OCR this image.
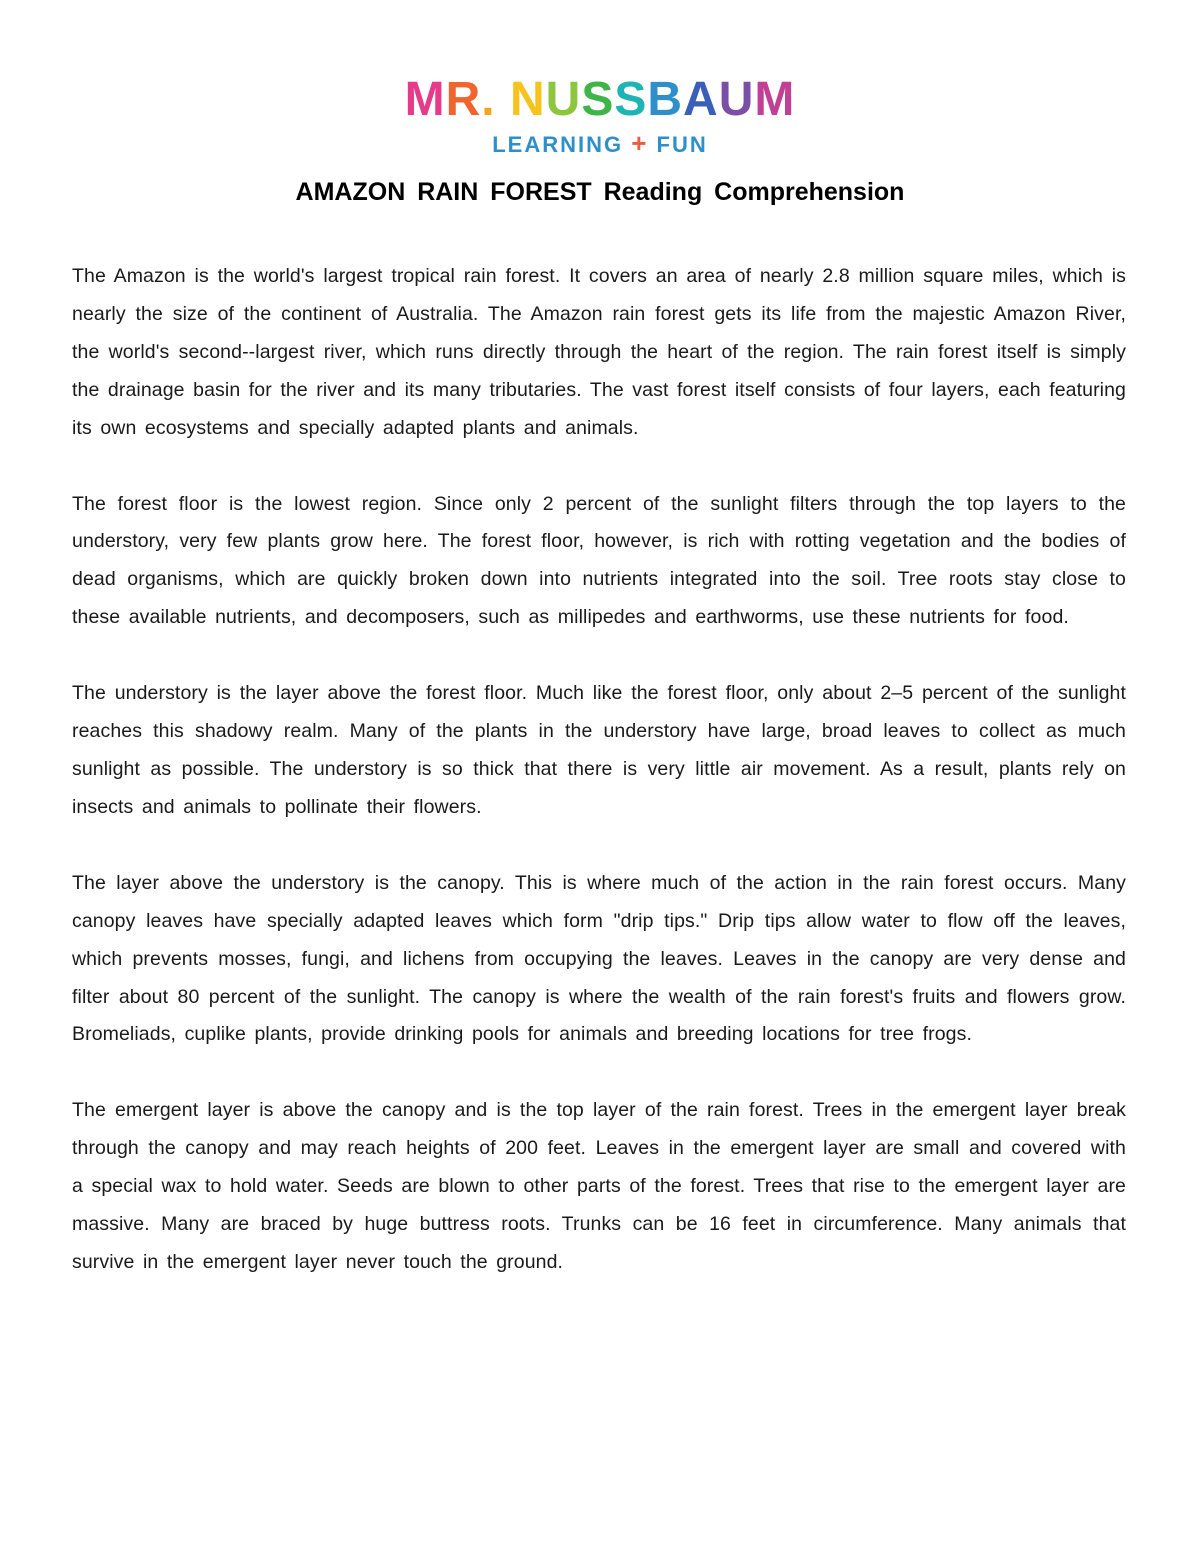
MR. NUSSBAUM
LEARNING + FUN
AMAZON RAIN FOREST Reading Comprehension

The Amazon is the world's largest tropical rain forest. It covers an area of nearly 2.8 million square miles, which is nearly the size of the continent of Australia. The Amazon rain forest gets its life from the majestic Amazon River, the world's second--largest river, which runs directly through the heart of the region. The rain forest itself is simply the drainage basin for the river and its many tributaries. The vast forest itself consists of four layers, each featuring its own ecosystems and specially adapted plants and animals.

The forest floor is the lowest region. Since only 2 percent of the sunlight filters through the top layers to the understory, very few plants grow here. The forest floor, however, is rich with rotting vegetation and the bodies of dead organisms, which are quickly broken down into nutrients integrated into the soil. Tree roots stay close to these available nutrients, and decomposers, such as millipedes and earthworms, use these nutrients for food.

The understory is the layer above the forest floor. Much like the forest floor, only about 2–5 percent of the sunlight reaches this shadowy realm. Many of the plants in the understory have large, broad leaves to collect as much sunlight as possible. The understory is so thick that there is very little air movement. As a result, plants rely on insects and animals to pollinate their flowers.

The layer above the understory is the canopy. This is where much of the action in the rain forest occurs. Many canopy leaves have specially adapted leaves which form "drip tips." Drip tips allow water to flow off the leaves, which prevents mosses, fungi, and lichens from occupying the leaves. Leaves in the canopy are very dense and filter about 80 percent of the sunlight. The canopy is where the wealth of the rain forest's fruits and flowers grow. Bromeliads, cuplike plants, provide drinking pools for animals and breeding locations for tree frogs.

The emergent layer is above the canopy and is the top layer of the rain forest. Trees in the emergent layer break through the canopy and may reach heights of 200 feet. Leaves in the emergent layer are small and covered with a special wax to hold water. Seeds are blown to other parts of the forest. Trees that rise to the emergent layer are massive. Many are braced by huge buttress roots. Trunks can be 16 feet in circumference. Many animals that survive in the emergent layer never touch the ground.
